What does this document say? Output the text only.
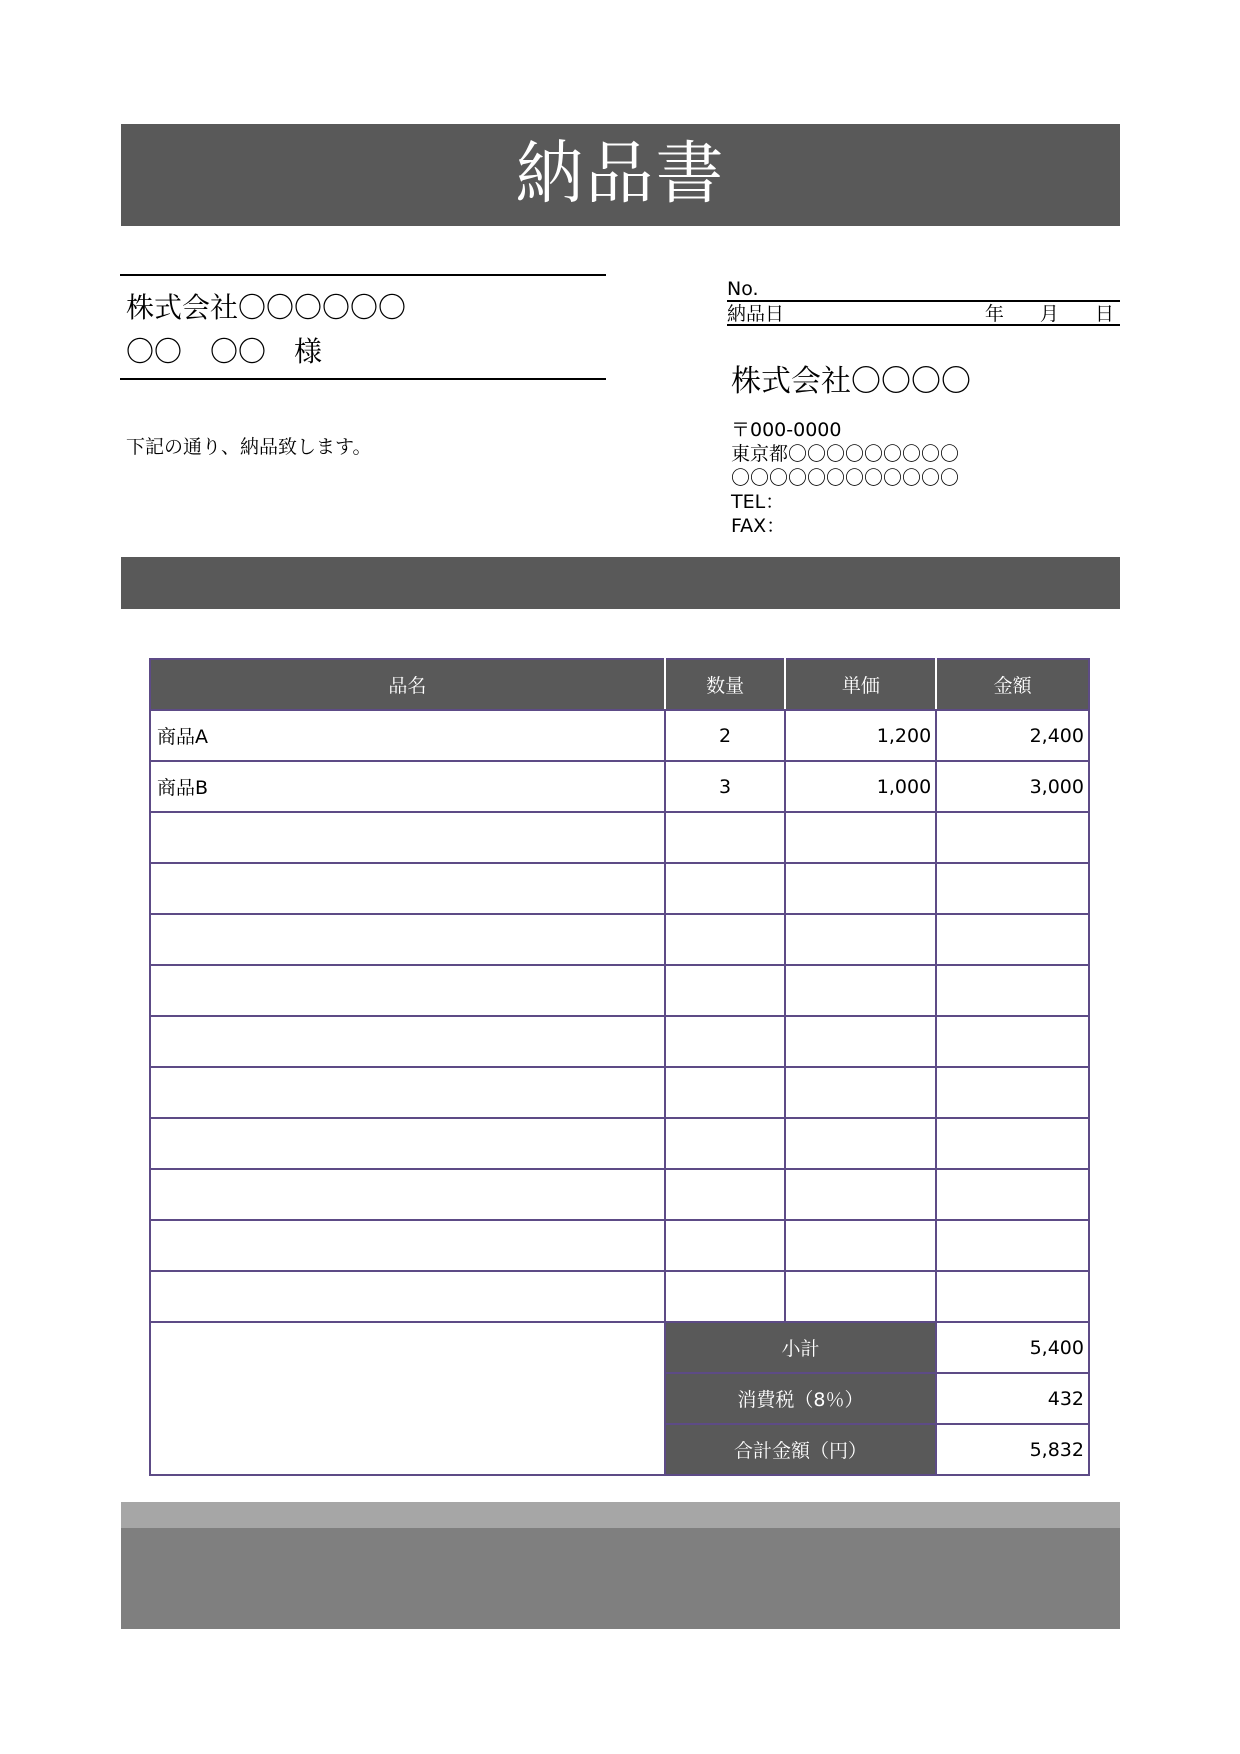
納品書
株式会社〇〇〇〇〇〇
〇〇 〇〇 様
下記の通り、納品致します。
No.
納品日	年 月 日
株式会社〇〇〇〇
〒000-0000
東京都〇〇〇〇〇〇〇〇〇
〇〇〇〇〇〇〇〇〇〇〇〇
TEL：
FAX：
品名	数量	単価	金額
商品A	2	1,200	2,400
商品B	3	1,000	3,000

	小計		5,400
	消費税（8％）		432
	合計金額（円）		5,832
